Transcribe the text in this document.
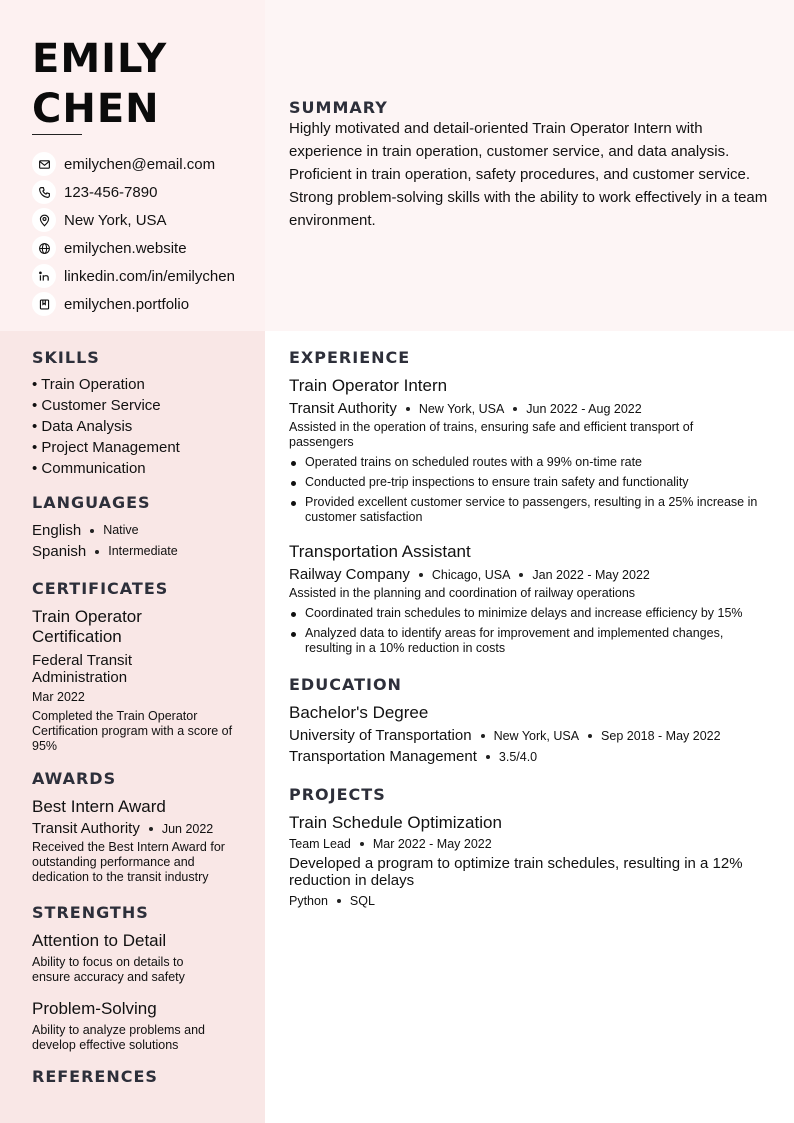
EMILY
CHEN
emilychen@email.com
123-456-7890
New York, USA
emilychen.website
linkedin.com/in/emilychen
emilychen.portfolio
SUMMARY
Highly motivated and detail-oriented Train Operator Intern with experience in train operation, customer service, and data analysis. Proficient in train operation, safety procedures, and customer service. Strong problem-solving skills with the ability to work effectively in a team environment.
SKILLS
• Train Operation
• Customer Service
• Data Analysis
• Project Management
• Communication
LANGUAGES
English Native
Spanish Intermediate
CERTIFICATES
Train Operator Certification
Federal Transit Administration
Mar 2022
Completed the Train Operator Certification program with a score of 95%
AWARDS
Best Intern Award
Transit Authority Jun 2022
Received the Best Intern Award for outstanding performance and dedication to the transit industry
STRENGTHS
Attention to Detail
Ability to focus on details to ensure accuracy and safety
Problem-Solving
Ability to analyze problems and develop effective solutions
REFERENCES
EXPERIENCE
Train Operator Intern
Transit Authority New York, USA Jun 2022 - Aug 2022
Assisted in the operation of trains, ensuring safe and efficient transport of passengers
Operated trains on scheduled routes with a 99% on-time rate
Conducted pre-trip inspections to ensure train safety and functionality
Provided excellent customer service to passengers, resulting in a 25% increase in customer satisfaction
Transportation Assistant
Railway Company Chicago, USA Jan 2022 - May 2022
Assisted in the planning and coordination of railway operations
Coordinated train schedules to minimize delays and increase efficiency by 15%
Analyzed data to identify areas for improvement and implemented changes, resulting in a 10% reduction in costs
EDUCATION
Bachelor's Degree
University of Transportation New York, USA Sep 2018 - May 2022
Transportation Management 3.5/4.0
PROJECTS
Train Schedule Optimization
Team Lead Mar 2022 - May 2022
Developed a program to optimize train schedules, resulting in a 12% reduction in delays
Python SQL
